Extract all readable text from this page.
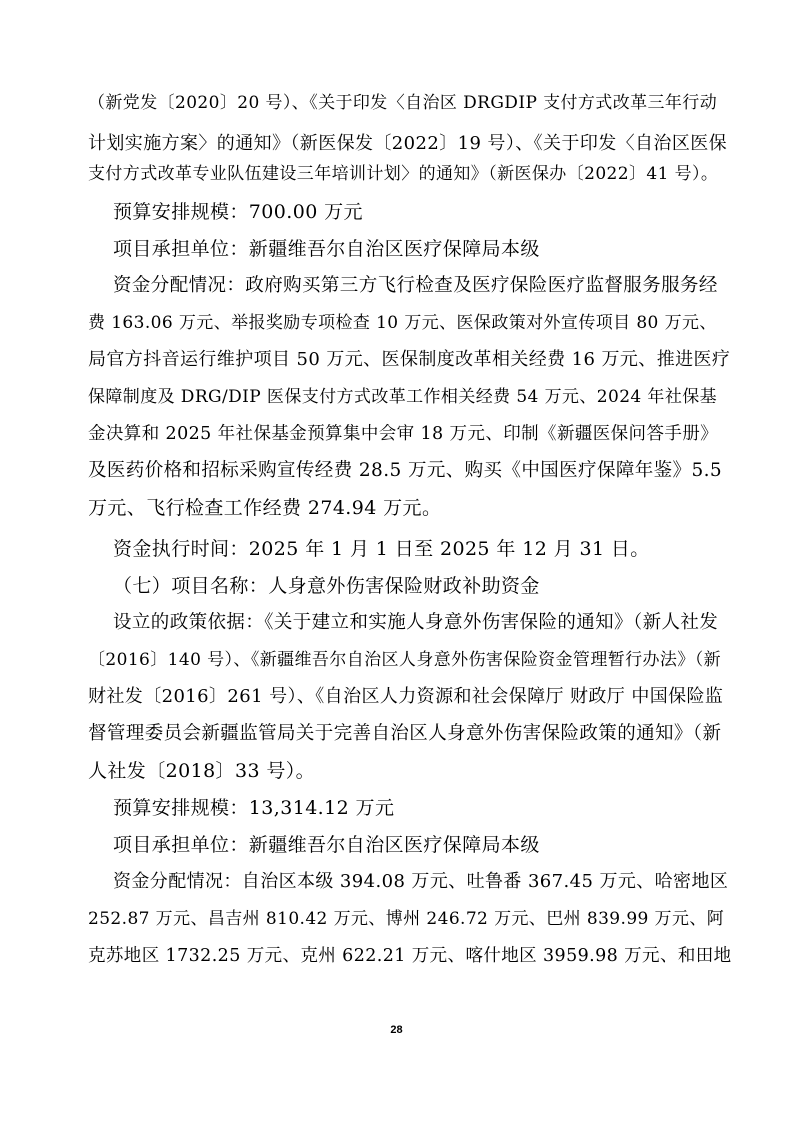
（新党发〔2020〕20 号）、《关于印发〈自治区 DRGDIP 支付方式改革三年行动
计划实施方案〉的通知》（新医保发〔2022〕19 号）、《关于印发〈自治区医保
支付方式改革专业队伍建设三年培训计划〉的通知》（新医保办〔2022〕41 号）。
预算安排规模：700.00 万元
项目承担单位：新疆维吾尔自治区医疗保障局本级
资金分配情况：政府购买第三方飞行检查及医疗保险医疗监督服务服务经
费 163.06 万元、举报奖励专项检查 10 万元、医保政策对外宣传项目 80 万元、
局官方抖音运行维护项目 50 万元、医保制度改革相关经费 16 万元、推进医疗
保障制度及 DRG/DIP 医保支付方式改革工作相关经费 54 万元、2024 年社保基
金决算和 2025 年社保基金预算集中会审 18 万元、印制《新疆医保问答手册》
及医药价格和招标采购宣传经费 28.5 万元、购买《中国医疗保障年鉴》5.5
万元、飞行检查工作经费 274.94 万元。
资金执行时间：2025 年 1 月 1 日至 2025 年 12 月 31 日。
（七）项目名称：人身意外伤害保险财政补助资金
设立的政策依据：《关于建立和实施人身意外伤害保险的通知》（新人社发
〔2016〕140 号）、《新疆维吾尔自治区人身意外伤害保险资金管理暂行办法》（新
财社发〔2016〕261 号）、《自治区人力资源和社会保障厅 财政厅 中国保险监
督管理委员会新疆监管局关于完善自治区人身意外伤害保险政策的通知》（新
人社发〔2018〕33 号）。
预算安排规模：13,314.12 万元
项目承担单位：新疆维吾尔自治区医疗保障局本级
资金分配情况：自治区本级 394.08 万元、吐鲁番 367.45 万元、哈密地区
252.87 万元、昌吉州 810.42 万元、博州 246.72 万元、巴州 839.99 万元、阿
克苏地区 1732.25 万元、克州 622.21 万元、喀什地区 3959.98 万元、和田地
28
